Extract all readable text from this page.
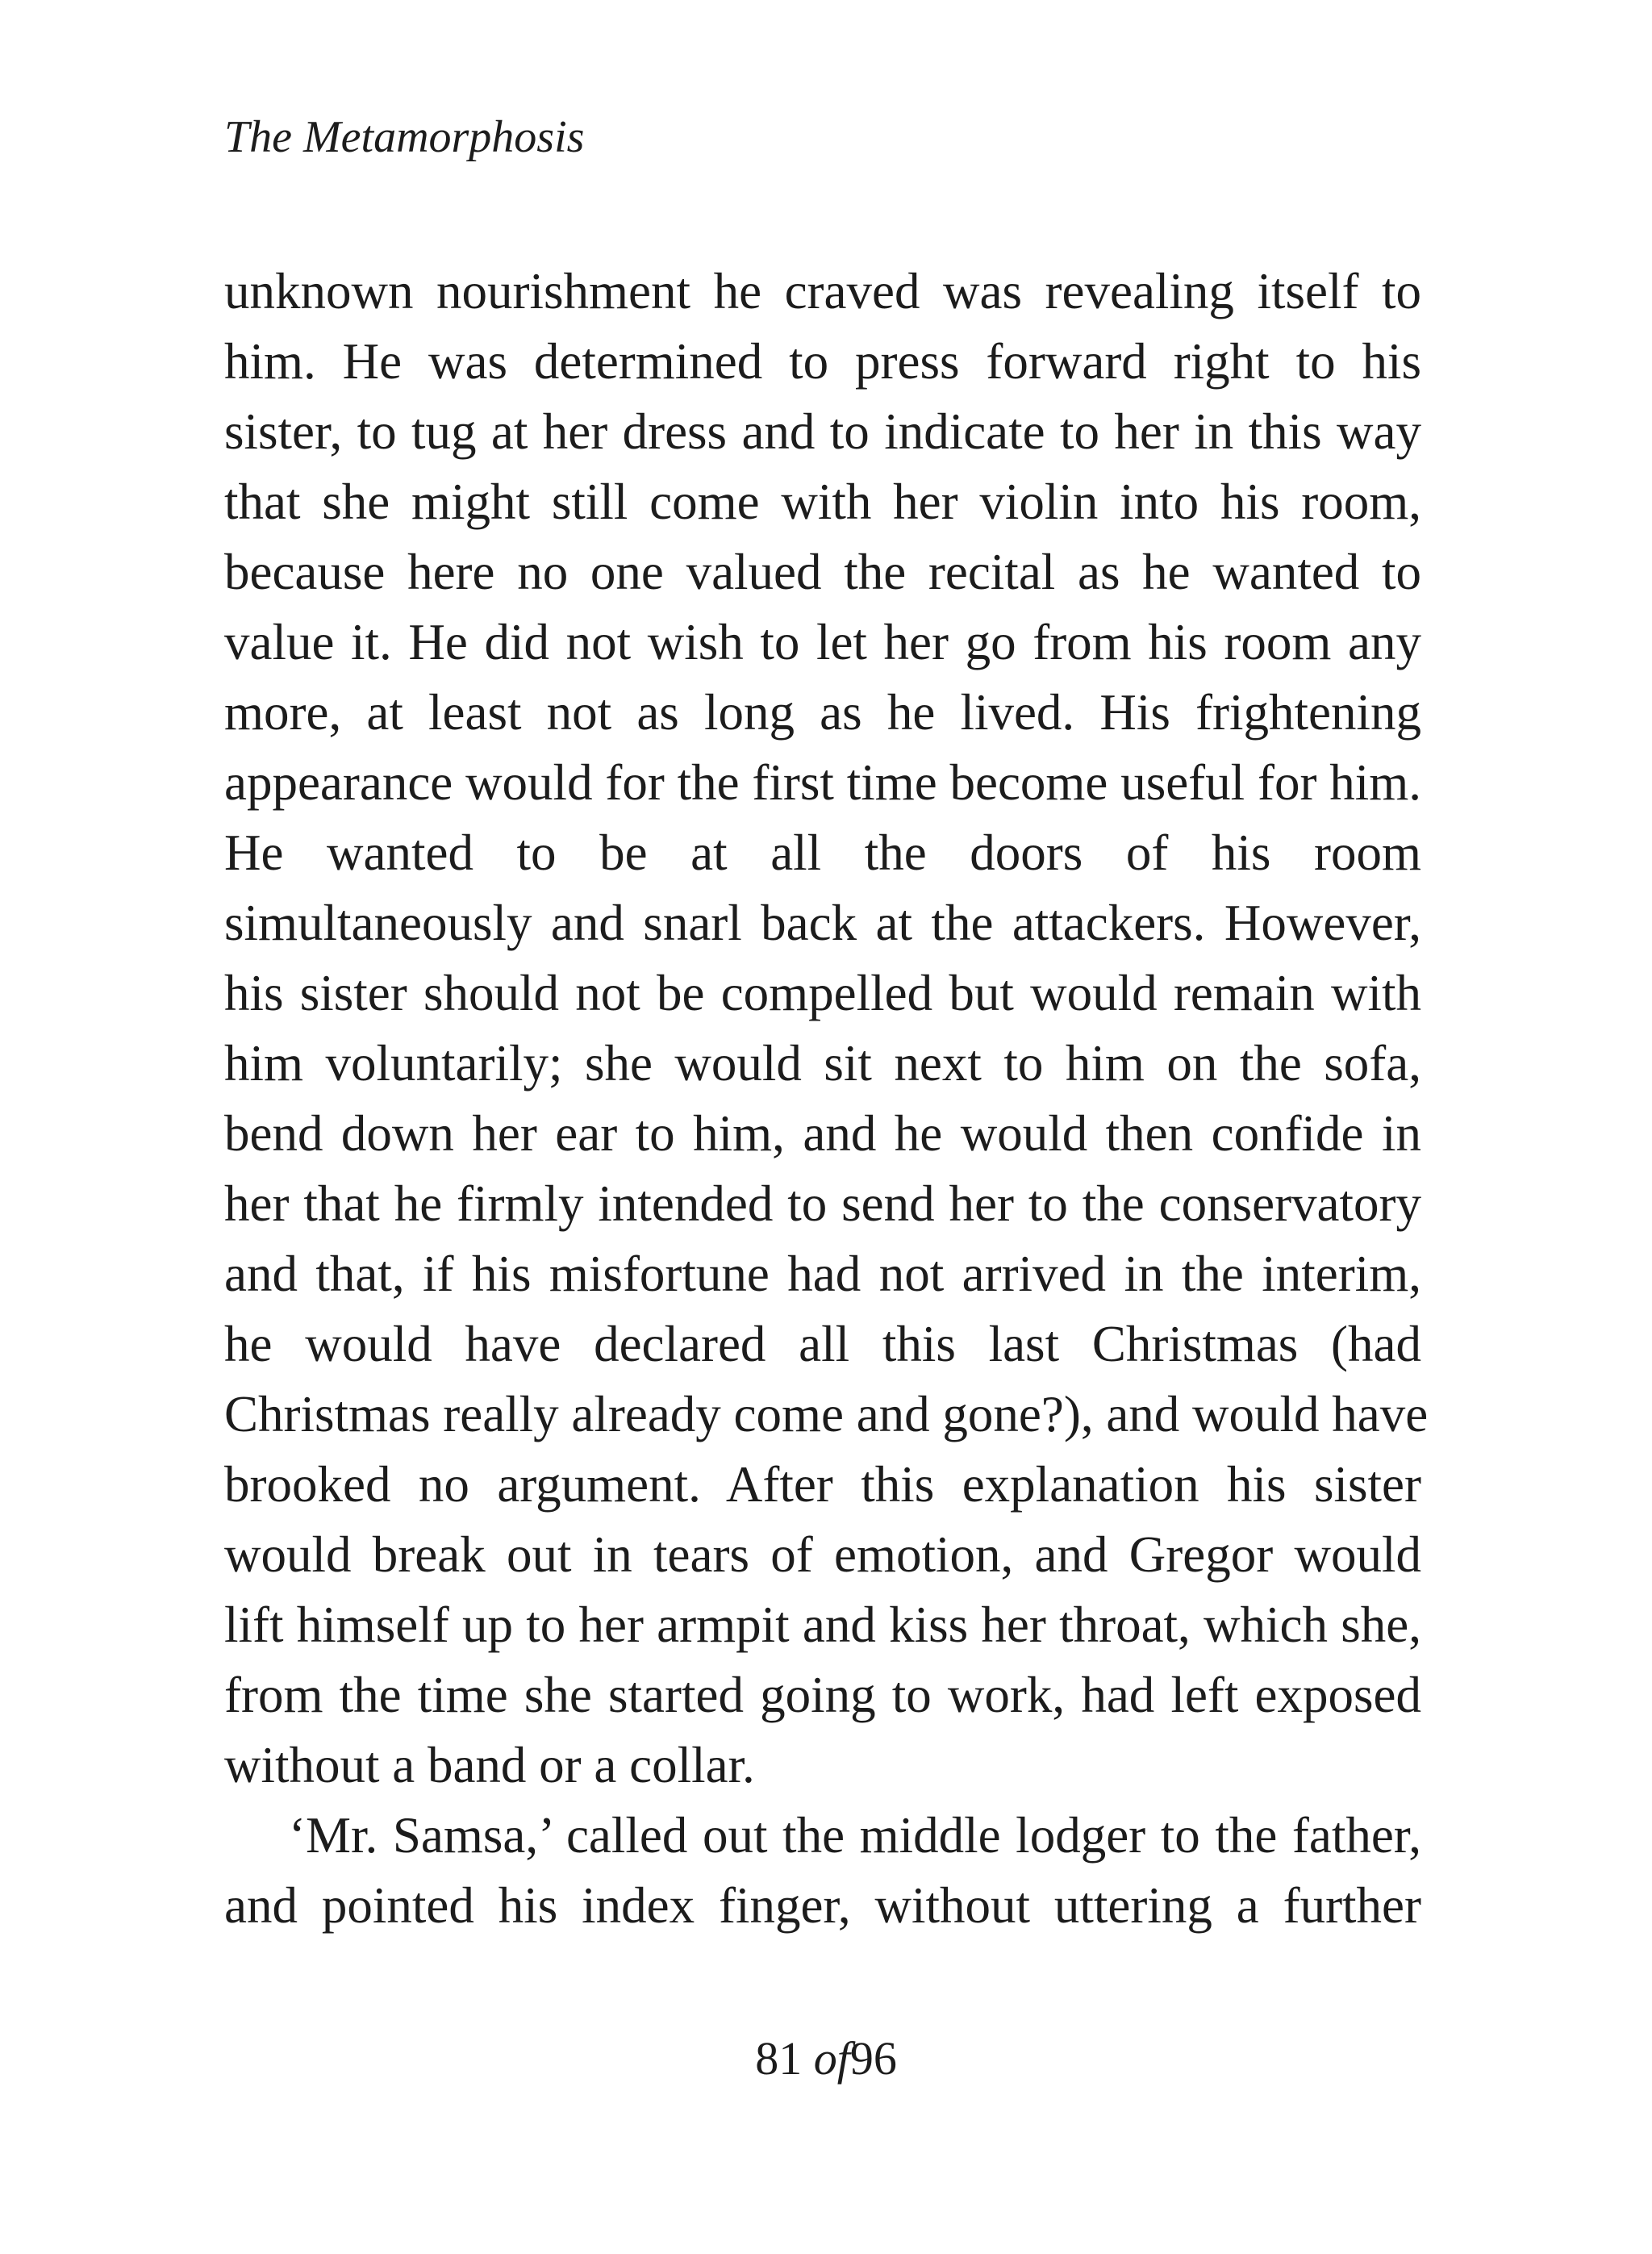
The Metamorphosis
unknown nourishment he craved was revealing itself to
him. He was determined to press forward right to his
sister, to tug at her dress and to indicate to her in this way
that she might still come with her violin into his room,
because here no one valued the recital as he wanted to
value it. He did not wish to let her go from his room any
more, at least not as long as he lived. His frightening
appearance would for the first time become useful for him.
He wanted to be at all the doors of his room
simultaneously and snarl back at the attackers. However,
his sister should not be compelled but would remain with
him voluntarily; she would sit next to him on the sofa,
bend down her ear to him, and he would then confide in
her that he firmly intended to send her to the conservatory
and that, if his misfortune had not arrived in the interim,
he would have declared all this last Christmas (had
Christmas really already come and gone?), and would have
brooked no argument. After this explanation his sister
would break out in tears of emotion, and Gregor would
lift himself up to her armpit and kiss her throat, which she,
from the time she started going to work, had left exposed
without a band or a collar.
‘Mr. Samsa,’ called out the middle lodger to the father,
and pointed his index finger, without uttering a further
81 of96
